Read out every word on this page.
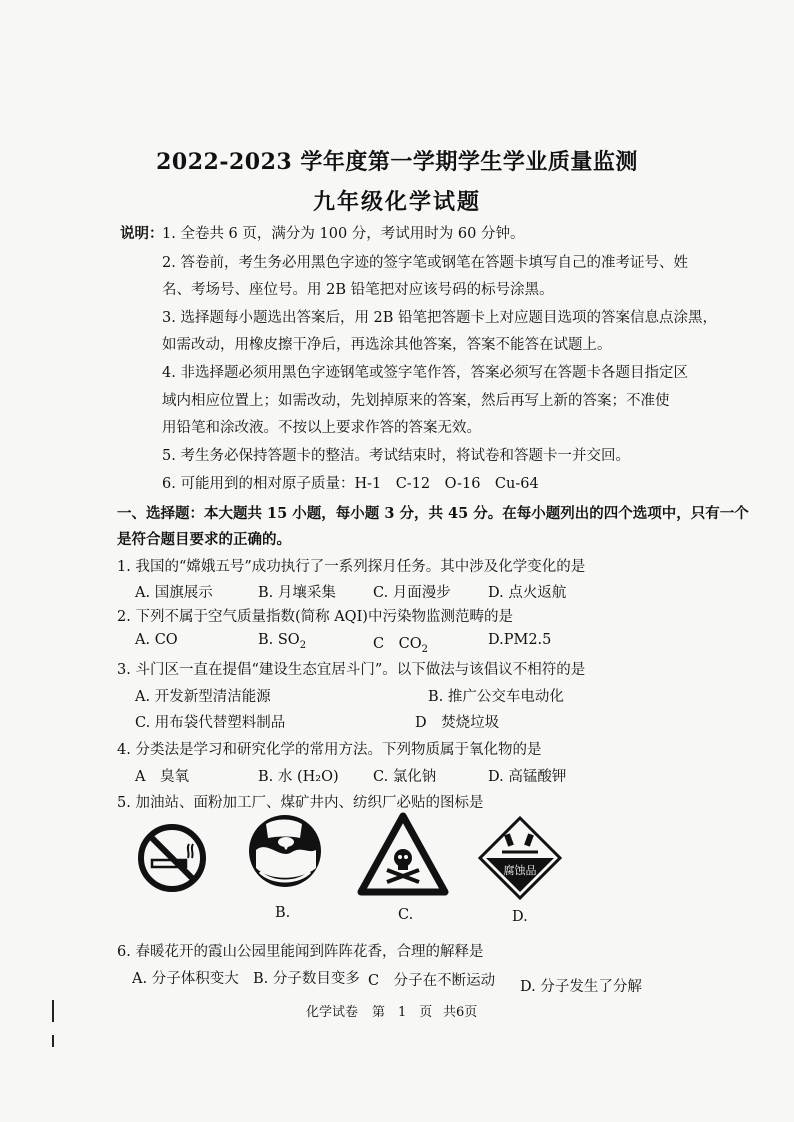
2022-2023 学年度第一学期学生学业质量监测
九年级化学试题
说明：
1. 全卷共 6 页，满分为 100 分，考试用时为 60 分钟。
2. 答卷前，考生务必用黑色字迹的签字笔或钢笔在答题卡填写自己的准考证号、姓
名、考场号、座位号。用 2B 铅笔把对应该号码的标号涂黑。
3. 选择题每小题选出答案后，用 2B 铅笔把答题卡上对应题目选项的答案信息点涂黑，
如需改动，用橡皮擦干净后，再选涂其他答案，答案不能答在试题上。
4. 非选择题必须用黑色字迹钢笔或签字笔作答，答案必须写在答题卡各题目指定区
域内相应位置上；如需改动，先划掉原来的答案，然后再写上新的答案；不准使
用铅笔和涂改液。不按以上要求作答的答案无效。
5. 考生务必保持答题卡的整洁。考试结束时，将试卷和答题卡一并交回。
6. 可能用到的相对原子质量：H-1　C-12　O-16　Cu-64
一、选择题：本大题共 15 小题，每小题 3 分，共 45 分。在每小题列出的四个选项中，只有一个
是符合题目要求的正确的。
1. 我国的“嫦娥五号”成功执行了一系列探月任务。其中涉及化学变化的是
A. 国旗展示	B. 月壤采集	C. 月面漫步	D. 点火返航
2. 下列不属于空气质量指数(简称 AQI)中污染物监测范畴的是
A. CO	B. $SO_2$	C　$CO_2$
D.PM2.5
3. 斗门区一直在提倡“建设生态宜居斗门”。以下做法与该倡议不相符的是
A. 开发新型清洁能源	B. 推广公交车电动化
C. 用布袋代替塑料制品	D　焚烧垃圾
4. 分类法是学习和研究化学的常用方法。下列物质属于氧化物的是
A　臭氧	B. 水 (H₂O) C. 氯化钠	D. 高锰酸钾
5. 加油站、面粉加工厂、煤矿井内、纺织厂必贴的图标是
B.	C.
腐蚀品
D.
6. 春暖花开的霞山公园里能闻到阵阵花香，合理的解释是
A. 分子体积变大 B. 分子数目变多 C　分子在不断运动 D. 分子发生了分解
化学试卷 第　1　页 共6页
